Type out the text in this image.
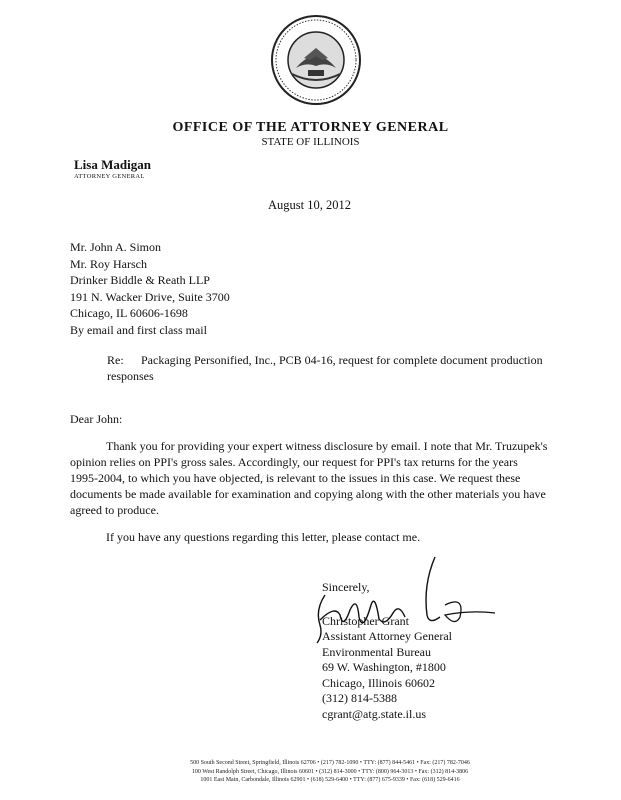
OFFICE OF THE ATTORNEY GENERAL
STATE OF ILLINOIS
Lisa Madigan
ATTORNEY GENERAL
August 10, 2012
Mr. John A. Simon
Mr. Roy Harsch
Drinker Biddle & Reath LLP
191 N. Wacker Drive, Suite 3700
Chicago, IL 60606-1698
By email and first class mail
Re: Packaging Personified, Inc., PCB 04-16, request for complete document production responses
Dear John:
Thank you for providing your expert witness disclosure by email. I note that Mr. Truzupek's opinion relies on PPI's gross sales. Accordingly, our request for PPI's tax returns for the years 1995-2004, to which you have objected, is relevant to the issues in this case. We request these documents be made available for examination and copying along with the other materials you have agreed to produce.
If you have any questions regarding this letter, please contact me.
Sincerely,
Christopher Grant
Assistant Attorney General
Environmental Bureau
69 W. Washington, #1800
Chicago, Illinois 60602
(312) 814-5388
cgrant@atg.state.il.us
500 South Second Street, Springfield, Illinois 62706 • (217) 782-1090 • TTY: (877) 844-5461 • Fax: (217) 782-7046
100 West Randolph Street, Chicago, Illinois 60601 • (312) 814-3000 • TTY: (800) 964-3013 • Fax: (312) 814-3806
1001 East Main, Carbondale, Illinois 62901 • (618) 529-6400 • TTY: (877) 675-9339 • Fax: (618) 529-6416
